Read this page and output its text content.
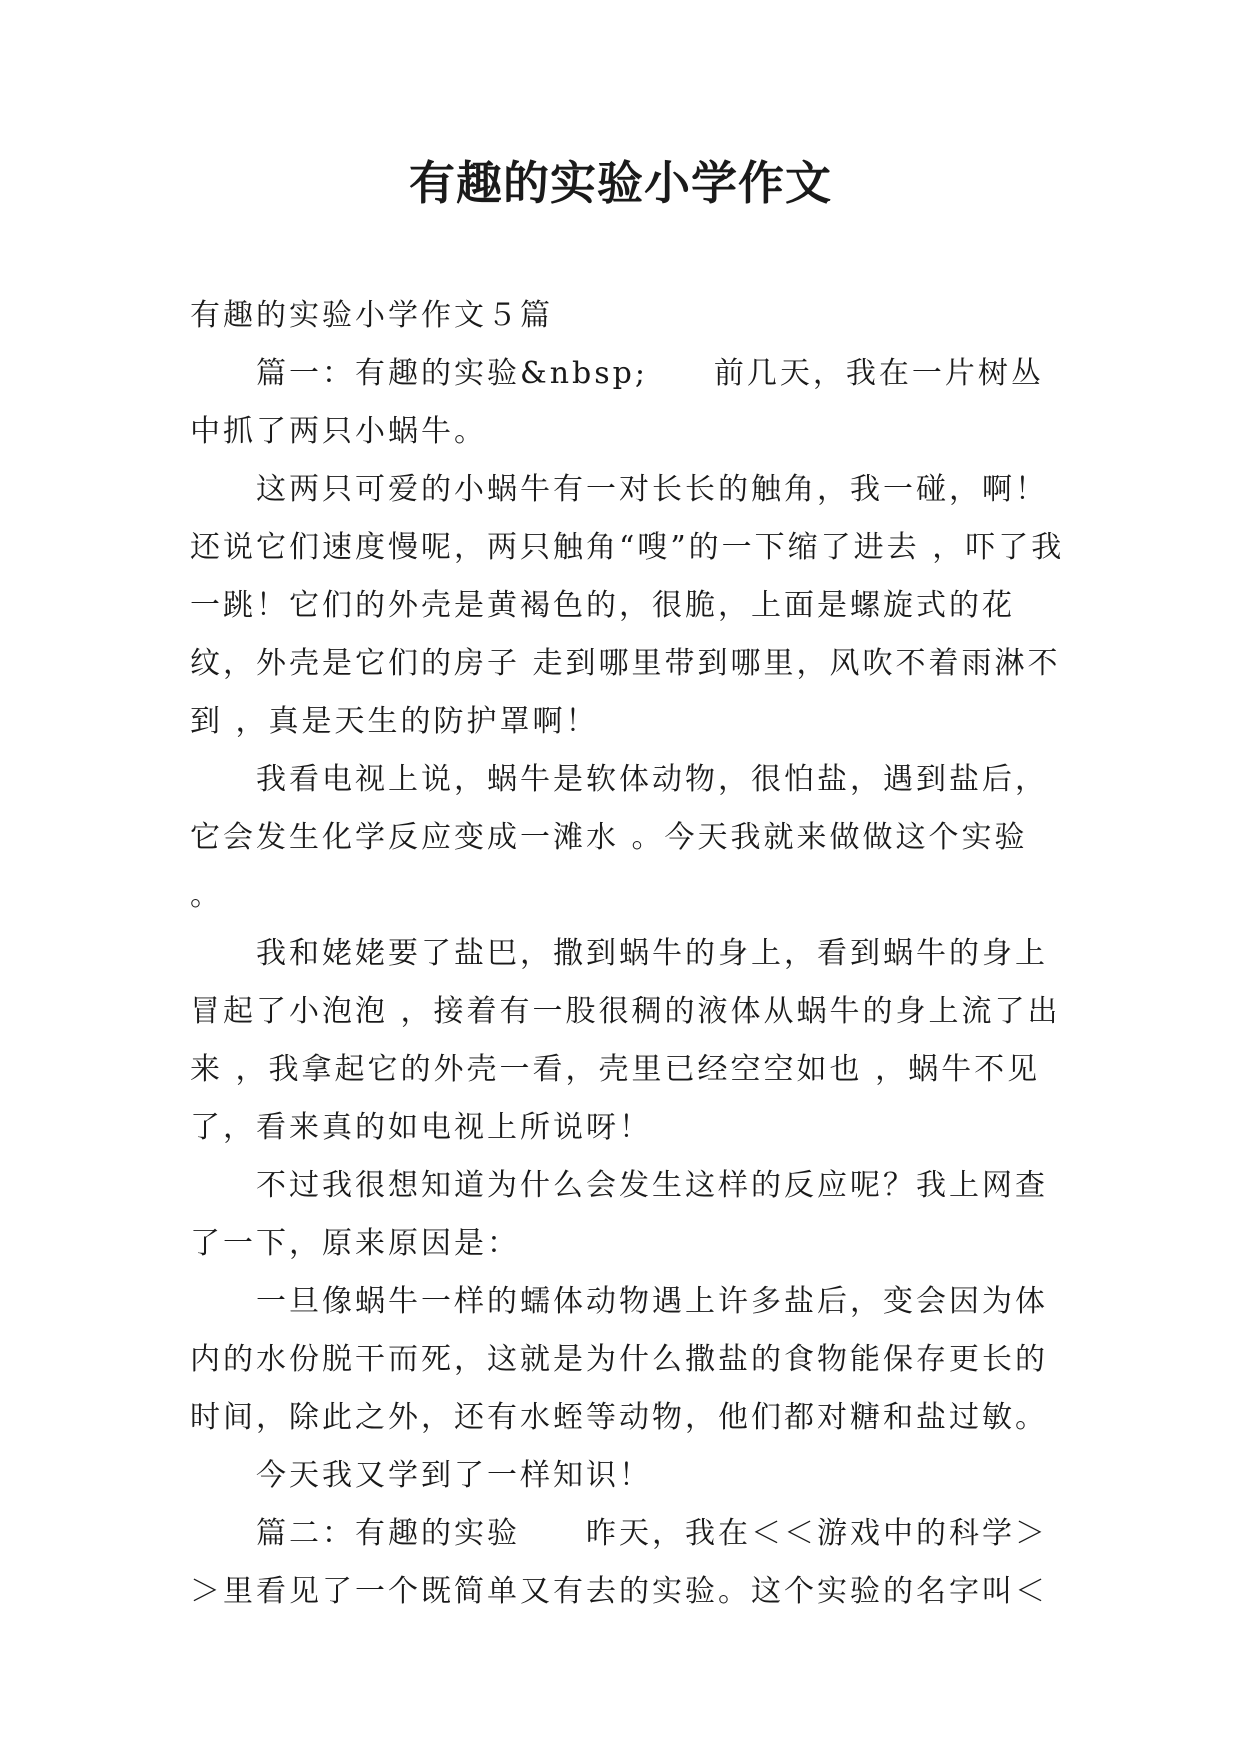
有趣的实验小学作文

有趣的实验小学作文５篇

篇一：有趣的实验&nbsp;　　前几天，我在一片树丛中抓了两只小蜗牛。

这两只可爱的小蜗牛有一对长长的触角，我一碰，啊！还说它们速度慢呢，两只触角“嗖”的一下缩了进去 ，吓了我一跳！它们的外壳是黄褐色的，很脆，上面是螺旋式的花纹，外壳是它们的房子 走到哪里带到哪里，风吹不着雨淋不到 ，真是天生的防护罩啊！

我看电视上说，蜗牛是软体动物，很怕盐，遇到盐后，它会发生化学反应变成一滩水 。今天我就来做做这个实验 。

我和姥姥要了盐巴，撒到蜗牛的身上，看到蜗牛的身上冒起了小泡泡 ，接着有一股很稠的液体从蜗牛的身上流了出来 ，我拿起它的外壳一看，壳里已经空空如也 ，蜗牛不见了，看来真的如电视上所说呀！

不过我很想知道为什么会发生这样的反应呢？我上网查了一下，原来原因是：

一旦像蜗牛一样的蠕体动物遇上许多盐后，变会因为体内的水份脱干而死，这就是为什么撒盐的食物能保存更长的时间，除此之外，还有水蛭等动物，他们都对糖和盐过敏。

今天我又学到了一样知识！

篇二：有趣的实验　　昨天，我在＜＜游戏中的科学＞＞里看见了一个既简单又有去的实验。这个实验的名字叫＜
